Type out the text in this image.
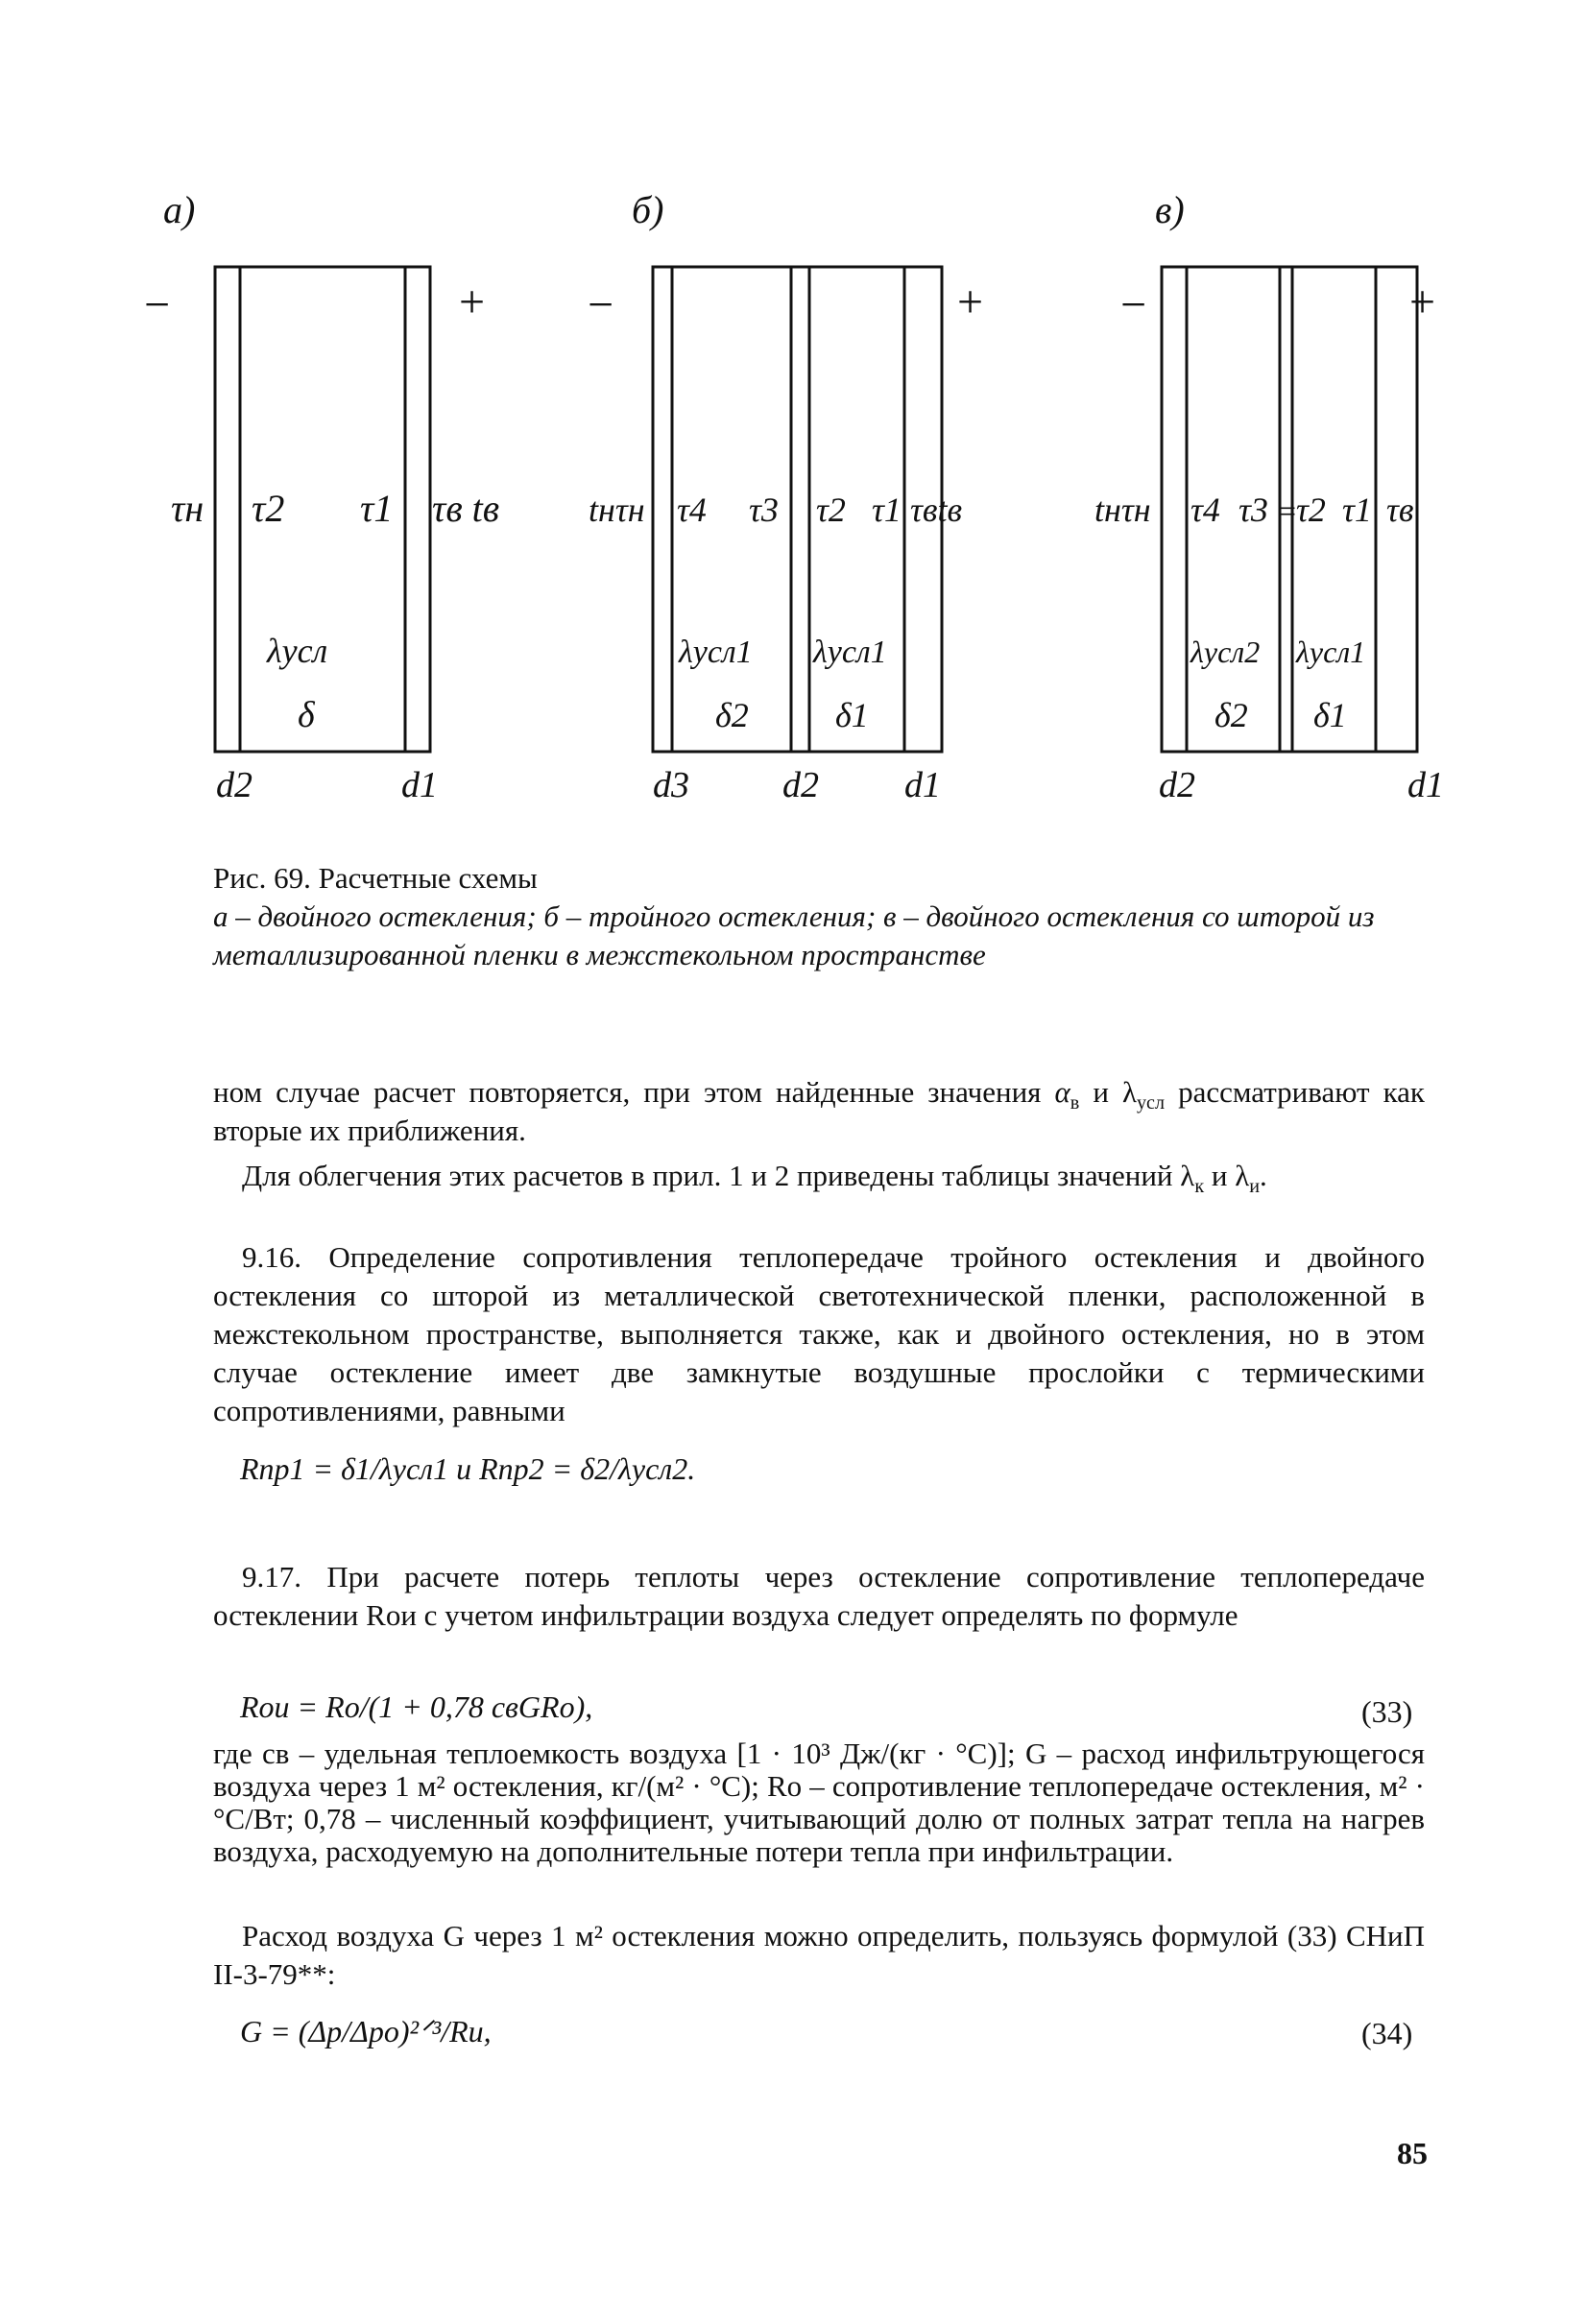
а)
−	+
τн τ2 τ1 τв tв
λусл
δ
d2	d1
б)
−	+
tнτн τ4 τ3 τ2 τ1 τвtв
λусл1 λусл1
δ2	δ1
d3	d2 d1
в)
−	+
tнτн τ4 τ3 = τ2 τ1 τв
λусл2 λусл1
δ2 δ1
d2	d1
Рис. 69. Расчетные схемы
а – двойного остекления; б – тройного остекления; в – двойного остекления со шторой из металлизированной пленки в межстекольном пространстве
ном случае расчет повторяется, при этом найденные значения $\alpha_в$ и $\lambda_{усл}$ рассматривают как вторые их приближения.
Для облегчения этих расчетов в прил. 1 и 2 приведены таблицы значений $\lambda_к$ и $\lambda_и$.
9.16. Определение сопротивления теплопередаче тройного остекления и двойного остекления со шторой из металлической светотехнической пленки, расположенной в межстекольном пространстве, выполняется также, как и двойного остекления, но в этом случае остекление имеет две замкнутые воздушные прослойки с термическими сопротивлениями, равными
Rпр1 = δ1/λусл1 и Rпр2 = δ2/λусл2.
9.17. При расчете потерь теплоты через остекление сопротивление теплопередаче остеклении Rои с учетом инфильтрации воздуха следует определять по формуле
Rои = Rо/(1 + 0,78 cвGRо),	(33)
где cв – удельная теплоемкость воздуха [1 · 10³ Дж/(кг · °С)]; G – расход инфильтрующегося воздуха через 1 м² остекления, кг/(м² · °С); Rо – сопротивление теплопередаче остекления, м² · °С/Вт; 0,78 – численный коэффициент, учитывающий долю от полных затрат тепла на нагрев воздуха, расходуемую на дополнительные потери тепла при инфильтрации.
Расход воздуха G через 1 м² остекления можно определить, пользуясь формулой (33) СНиП II-3-79**:
G = (Δp/Δpо)²ᐟ³/Rи,	(34)
85
